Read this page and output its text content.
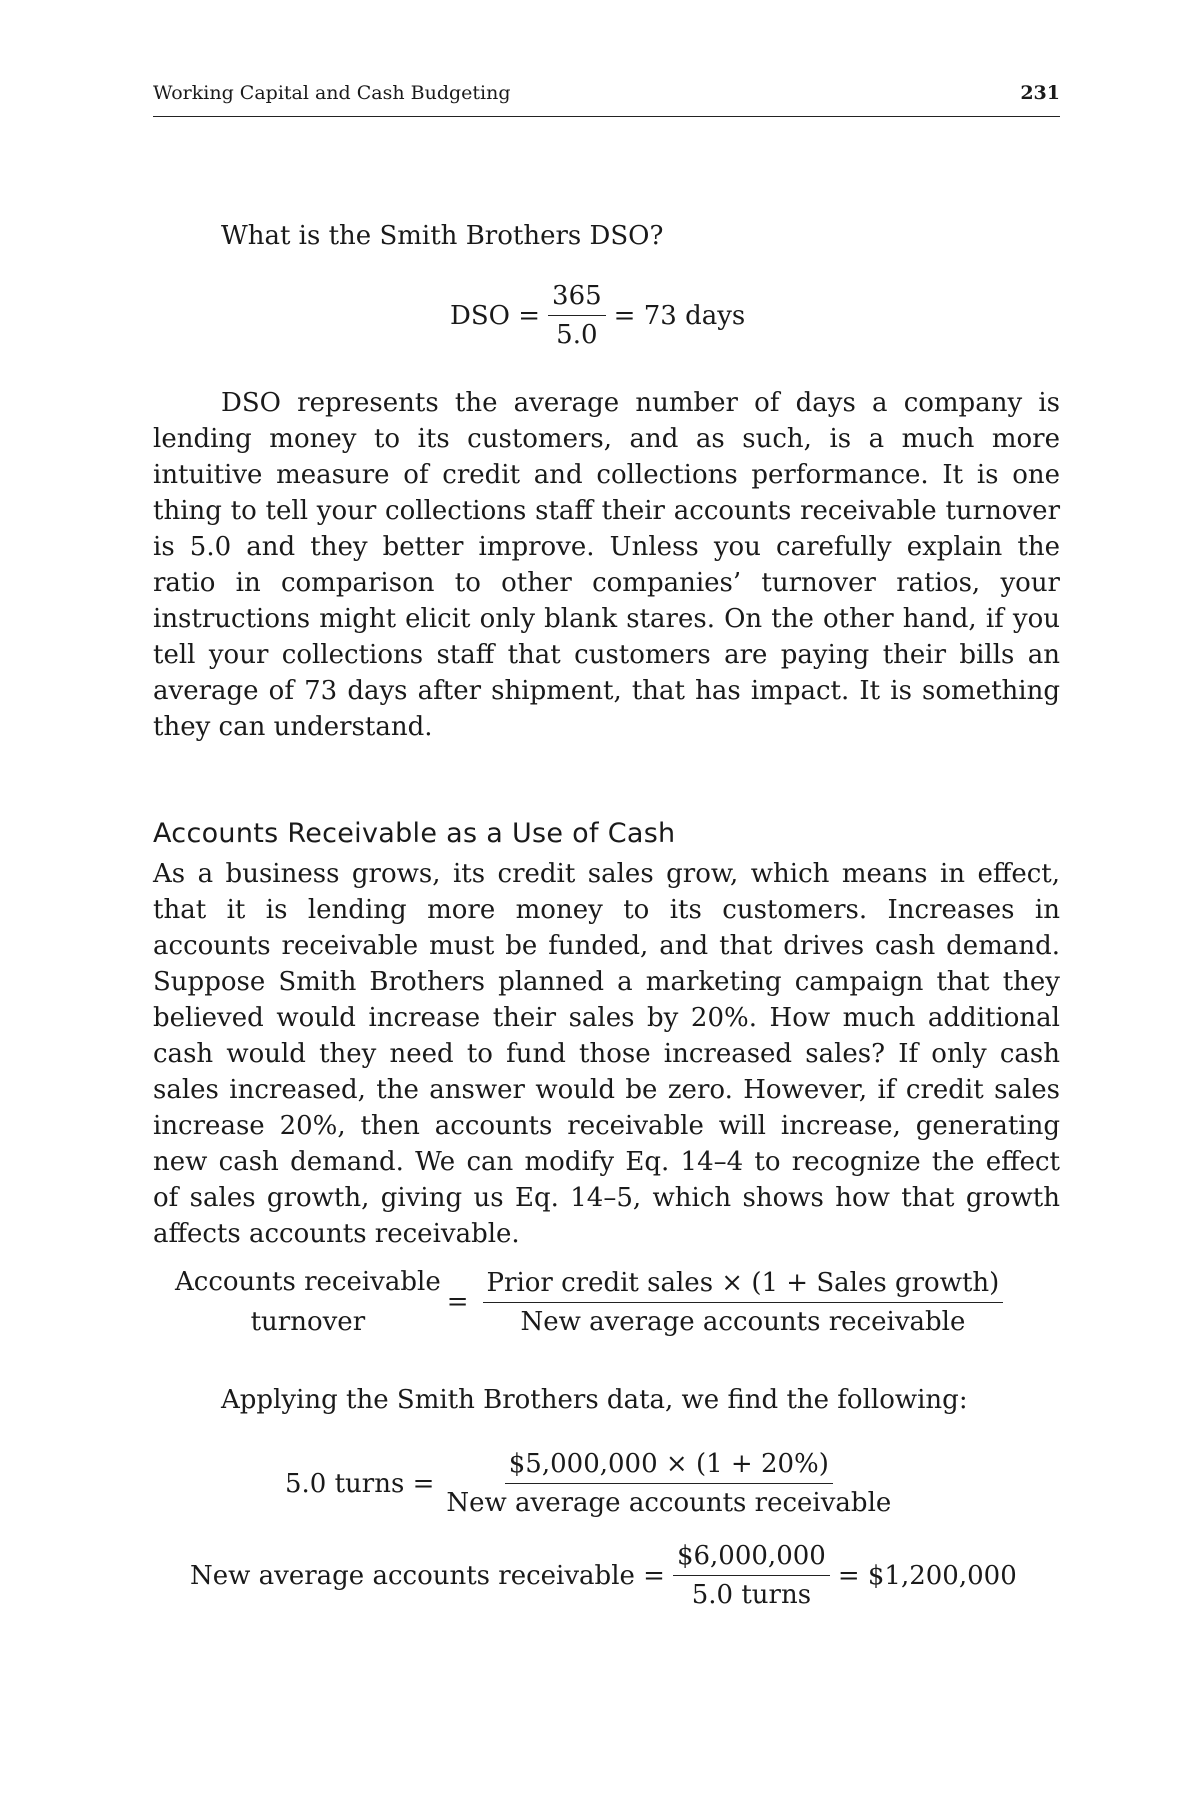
Working Capital and Cash Budgeting	231

What is the Smith Brothers DSO?

DSO = $\frac{365}{5.0} = 73$ days

DSO represents the average number of days a company is lending money to its customers, and as such, is a much more intuitive measure of credit and collections performance. It is one thing to tell your collections staff their accounts receivable turnover is 5.0 and they better improve. Unless you carefully explain the ratio in comparison to other companies’ turnover ratios, your instructions might elicit only blank stares. On the other hand, if you tell your collections staff that customers are paying their bills an average of 73 days after shipment, that has impact. It is something they can understand.

Accounts Receivable as a Use of Cash

As a business grows, its credit sales grow, which means in effect, that it is lending more money to its customers. Increases in accounts receivable must be funded, and that drives cash demand. Suppose Smith Brothers planned a marketing campaign that they believed would increase their sales by 20%. How much additional cash would they need to fund those increased sales? If only cash sales increased, the answer would be zero. However, if credit sales increase 20%, then accounts receivable will increase, generating new cash demand. We can modify Eq. 14–4 to recognize the effect of sales growth, giving us Eq. 14–5, which shows how that growth affects accounts receivable.

Accounts receivable
turnover
= $\frac{\text{Prior credit sales × (1 + Sales growth)}}{\text{New average accounts receivable}}$

Applying the Smith Brothers data, we find the following:

5.0 turns = $\frac{\$5,000,000 \times (1 + 20\%)}{\text{New average accounts receivable}}$
New average accounts receivable = $\frac{\$6,000,000}{\text{5.0 turns}}$ = $1,200,000
